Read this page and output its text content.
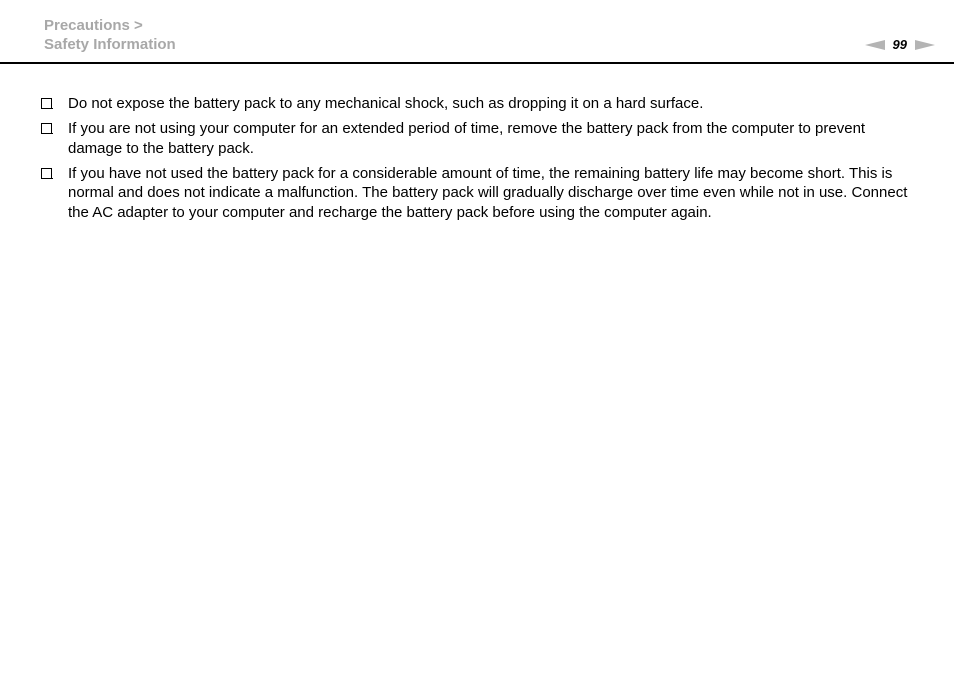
Precautions >
Safety Information	99
Do not expose the battery pack to any mechanical shock, such as dropping it on a hard surface.
If you are not using your computer for an extended period of time, remove the battery pack from the computer to prevent damage to the battery pack.
If you have not used the battery pack for a considerable amount of time, the remaining battery life may become short. This is normal and does not indicate a malfunction. The battery pack will gradually discharge over time even while not in use. Connect the AC adapter to your computer and recharge the battery pack before using the computer again.
